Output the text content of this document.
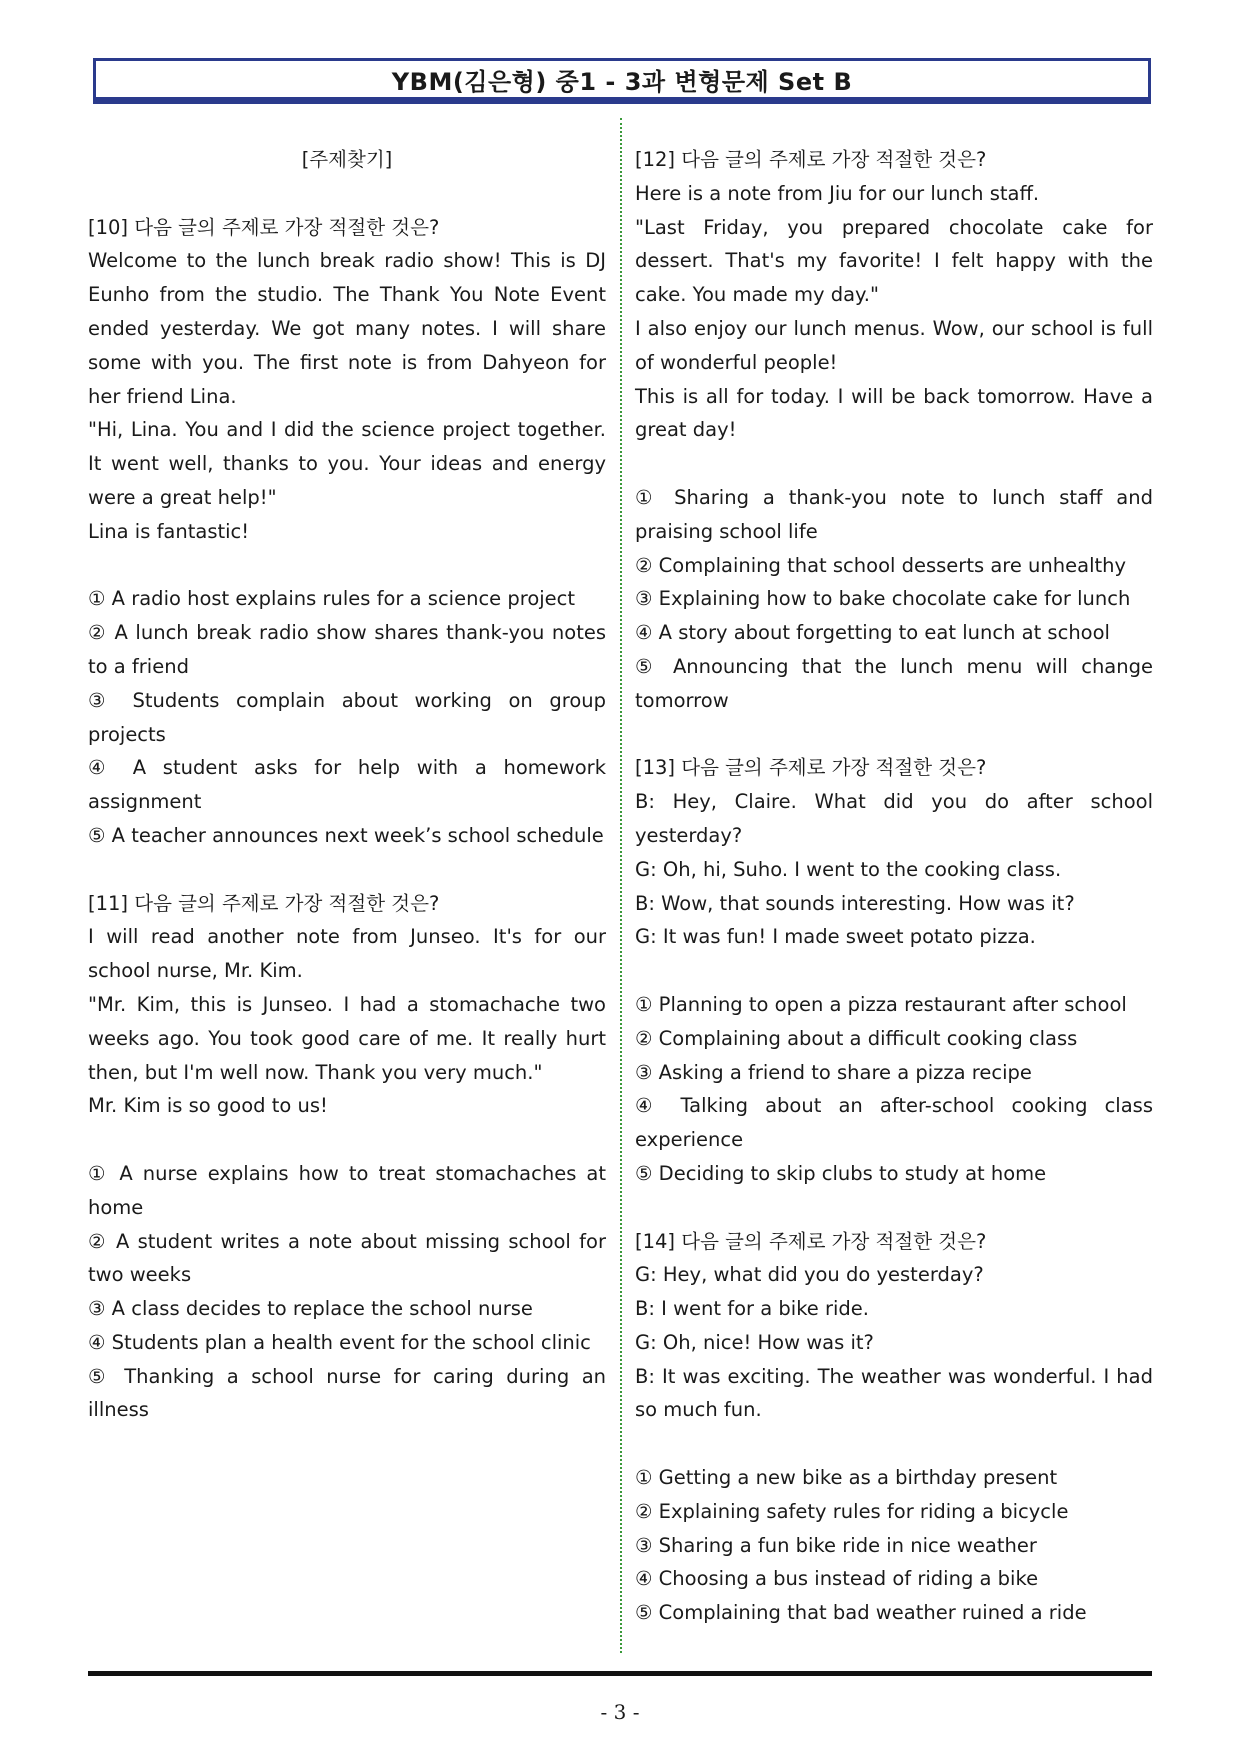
YBM(김은형) 중1 - 3과 변형문제 Set B

[주제찾기]

[10] 다음 글의 주제로 가장 적절한 것은?

Welcome to the lunch break radio show! This is DJ Eunho from the studio. The Thank You Note Event ended yesterday. We got many notes. I will share some with you. The first note is from Dahyeon for her friend Lina.

"Hi, Lina. You and I did the science project together. It went well, thanks to you. Your ideas and energy were a great help!"

Lina is fantastic!

① A radio host explains rules for a science project

② A lunch break radio show shares thank-you notes to a friend

③ Students complain about working on group projects

④ A student asks for help with a homework assignment

⑤ A teacher announces next week’s school schedule

[11] 다음 글의 주제로 가장 적절한 것은?

I will read another note from Junseo. It's for our school nurse, Mr. Kim.

"Mr. Kim, this is Junseo. I had a stomachache two weeks ago. You took good care of me. It really hurt then, but I'm well now. Thank you very much."

Mr. Kim is so good to us!

① A nurse explains how to treat stomachaches at home

② A student writes a note about missing school for two weeks

③ A class decides to replace the school nurse

④ Students plan a health event for the school clinic

⑤ Thanking a school nurse for caring during an illness

[12] 다음 글의 주제로 가장 적절한 것은?

Here is a note from Jiu for our lunch staff.

"Last Friday, you prepared chocolate cake for dessert. That's my favorite! I felt happy with the cake. You made my day."

I also enjoy our lunch menus. Wow, our school is full of wonderful people!

This is all for today. I will be back tomorrow. Have a great day!

① Sharing a thank-you note to lunch staff and praising school life

② Complaining that school desserts are unhealthy

③ Explaining how to bake chocolate cake for lunch

④ A story about forgetting to eat lunch at school

⑤ Announcing that the lunch menu will change tomorrow

[13] 다음 글의 주제로 가장 적절한 것은?

B: Hey, Claire. What did you do after school yesterday?

G: Oh, hi, Suho. I went to the cooking class.

B: Wow, that sounds interesting. How was it?

G: It was fun! I made sweet potato pizza.

① Planning to open a pizza restaurant after school

② Complaining about a difficult cooking class

③ Asking a friend to share a pizza recipe

④ Talking about an after-school cooking class experience

⑤ Deciding to skip clubs to study at home

[14] 다음 글의 주제로 가장 적절한 것은?

G: Hey, what did you do yesterday?

B: I went for a bike ride.

G: Oh, nice! How was it?

B: It was exciting. The weather was wonderful. I had so much fun.

① Getting a new bike as a birthday present

② Explaining safety rules for riding a bicycle

③ Sharing a fun bike ride in nice weather

④ Choosing a bus instead of riding a bike

⑤ Complaining that bad weather ruined a ride

- 3 -
